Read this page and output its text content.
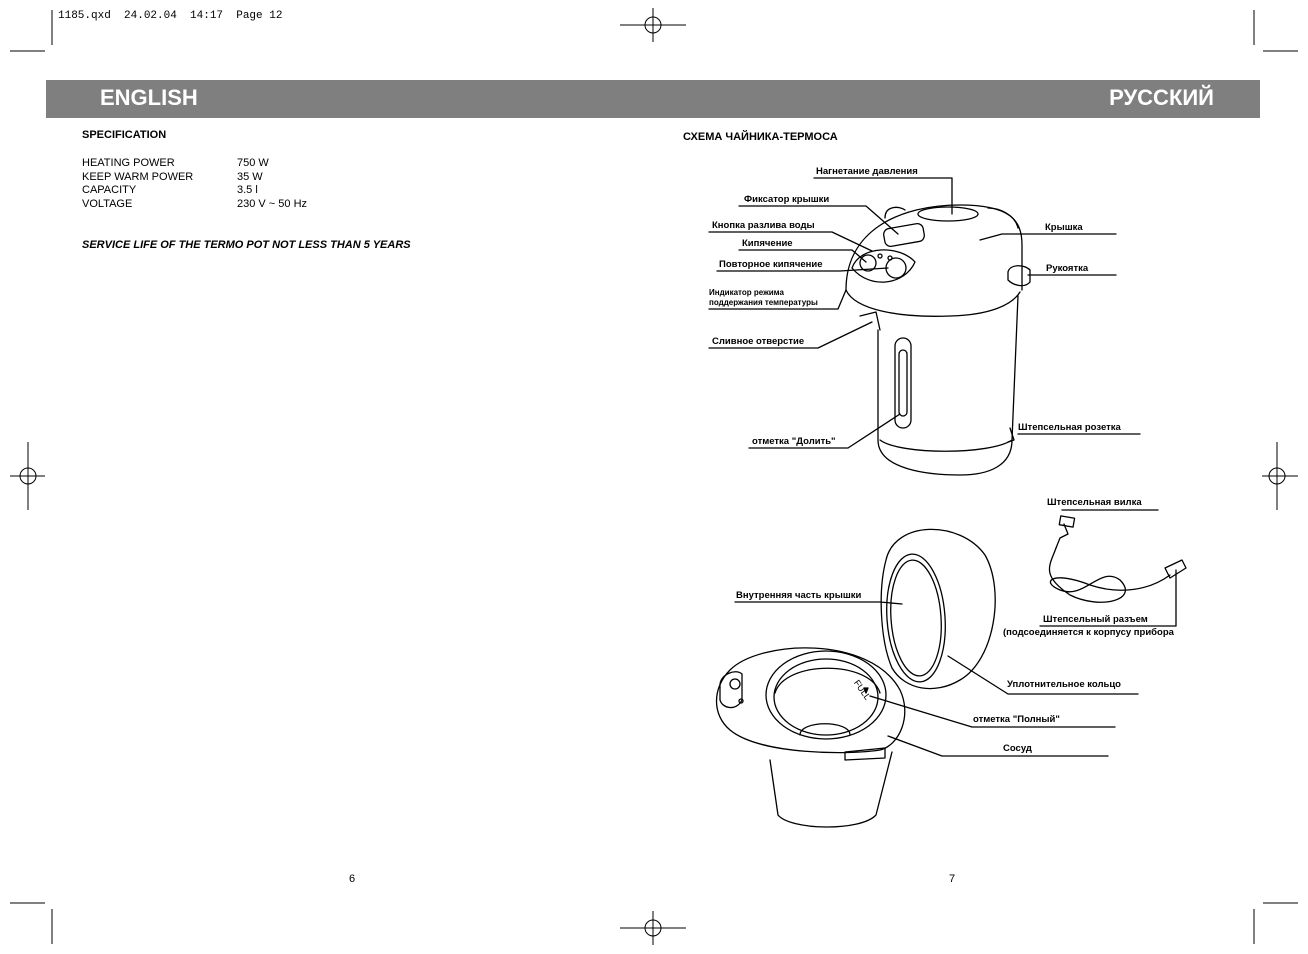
1185.qxd  24.02.04  14:17  Page 12
ENGLISH	РУССКИЙ
SPECIFICATION
HEATING POWER
KEEP WARM POWER
CAPACITY
VOLTAGE
750 W
35 W
3.5 l
230 V ~ 50 Hz
SERVICE LIFE OF THE TERMO POT NOT LESS THAN 5 YEARS
6
СХЕМА ЧАЙНИКА-ТЕРМОСА
Нагнетание давления
Фиксатор крышки
Кнопка разлива воды
Кипячение
Повторное кипячение
Индикатор режима
поддержания температуры
Сливное отверстие
отметка "Долить"
Крышка
Рукоятка
Штепсельная розетка
Штепсельная вилка
Внутренняя часть крышки
Штепсельный разъем
(подсоединяется к корпусу прибора
Уплотнительное кольцо
отметка "Полный"
Сосуд
FULL
7
